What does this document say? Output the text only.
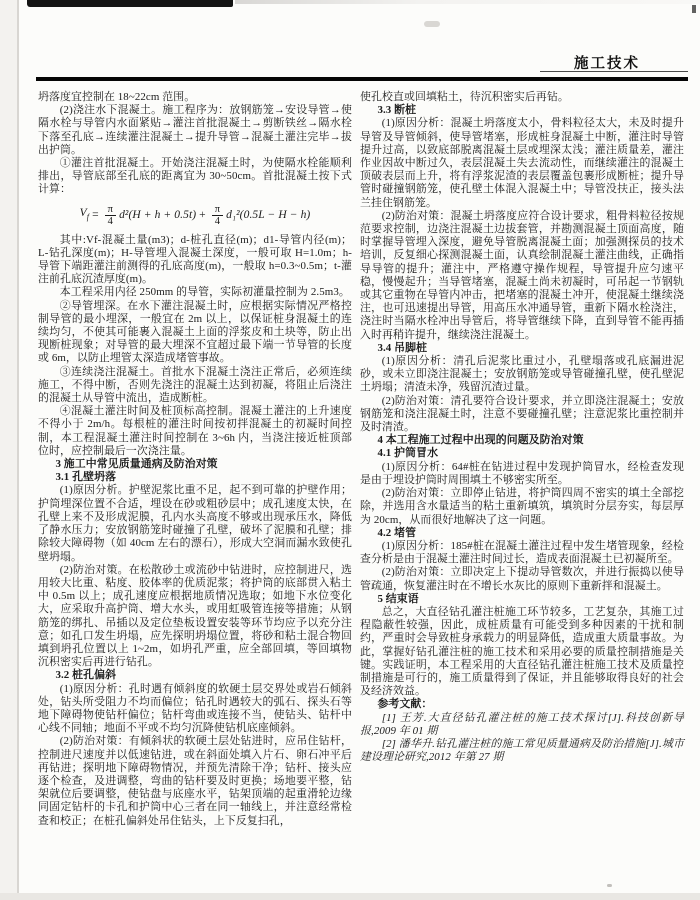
施工技术

坍落度宜控制在 18~22cm 范围。

(2)浇注水下混凝土。施工程序为：放钢筋笼→安设导管→使隔水栓与导管内水面紧贴→灌注首批混凝土→剪断铁丝→隔水栓下落至孔底→连续灌注混凝土→提升导管→混凝土灌注完毕→拔出护筒。

①灌注首批混凝土。开始浇注混凝土时，为使隔水栓能顺利排出，导管底部至孔底的距离宜为 30~50cm。首批混凝土按下式计算：

$V_f = \frac{\pi}{4} d^2(H + h + 0.5t) + \frac{\pi}{4} d_1^2(0.5L - H - h)$

其中:Vf-混凝土量(m3)；d-桩孔直径(m)；d1-导管内径(m)；L-钻孔深度(m)；H-导管埋入混凝土深度，一般可取 H=1.0m；h-导管下端距灌注前测得的孔底高度(m)，一般取 h=0.3~0.5m；t-灌注前孔底沉渣厚度(m)。

本工程采用内径 250mm 的导管，实际初灌量控制为 2.5m3。

②导管埋深。在水下灌注混凝土时，应根据实际情况严格控制导管的最小埋深，一般宜在 2m 以上，以保证桩身混凝土的连续均匀，不使其可能裹入混凝土上面的浮浆皮和土块等，防止出现断桩现象；对导管的最大埋深不宜超过最下端一节导管的长度或 6m，以防止埋管太深造成堵管事故。

③连续浇注混凝土。首批水下混凝土浇注正常后，必须连续施工，不得中断，否则先浇注的混凝土达到初凝，将阻止后浇注的混凝土从导管中流出，造成断桩。

④混凝土灌注时间及桩顶标高控制。混凝土灌注的上升速度不得小于 2m/h。每根桩的灌注时间按初拌混凝土的初凝时间控制，本工程混凝土灌注时间控制在 3~6h 内，当浇注接近桩顶部位时，应控制最后一次浇注量。

3 施工中常见质量通病及防治对策

3.1 孔壁坍落

(1)原因分析。护壁泥浆比重不足，起不到可靠的护壁作用；护筒埋深位置不合适，埋设在砂或粗砂层中；成孔速度太快，在孔壁上来不及形成泥膜，孔内水头高度不够或出现承压水，降低了静水压力；安放钢筋笼时碰撞了孔壁，破坏了泥膜和孔壁；排除较大障碍物（如 40cm 左右的漂石），形成大空洞而漏水致使孔壁坍塌。

(2)防治对策。在松散砂土或流砂中钻进时，应控制进尺，选用较大比重、粘度、胶体率的优质泥浆；将护筒的底部贯入粘土中 0.5m 以上；成孔速度应根据地质情况选取；如地下水位变化大，应采取升高护筒、增大水头，或用虹吸管连接等措施；从钢筋笼的绑扎、吊插以及定位垫板设置安装等环节均应予以充分注意；如孔口发生坍塌，应先探明坍塌位置，将砂和粘土混合物回填到坍孔位置以上 1~2m，如坍孔严重，应全部回填，等回填物沉积密实后再进行钻孔。

3.2 桩孔偏斜

(1)原因分析：孔时遇有倾斜度的软硬土层交界处或岩石倾斜处，钻头所受阻力不均而偏位；钻孔时遇较大的弧石、探头石等地下障碍物使钻杆偏位；钻杆弯曲或连接不当，使钻头、钻杆中心线不同轴；地面不平或不均匀沉降使钻机底座倾斜。

(2)防治对策：有倾斜状的软硬土层处钻进时，应吊住钻杆，控制进尺速度并以低速钻进，或在斜面处填入片石、卵石冲平后再钻进；探明地下障碍物情况，并预先清除干净；钻杆、接头应逐个检查，及进调整，弯曲的钻杆要及时更换；场地要平整，钻架就位后要调整，使钻盘与底座水平，钻架顶端的起重滑轮边缘同固定钻杆的卡孔和护筒中心三者在同一轴线上，并注意经常检查和校正；在桩孔偏斜处吊住钻头，上下反复扫孔，

使孔校直或回填粘土，待沉积密实后再钻。

3.3 断桩

(1)原因分析：混凝土坍落度太小，骨料粒径太大，未及时提升导管及导管倾斜，使导管堵塞，形成桩身混凝土中断，灌注时导管提升过高，以致底部脱离混凝土层或埋深太浅；灌注质量差，灌注作业因故中断过久，表层混凝土失去流动性，而继续灌注的混凝土顶破表层而上升，将有浮浆泥渣的表层覆盖包裹形成断桩；提升导管时碰撞钢筋笼，使孔壁土体混入混凝土中；导管没扶正，接头法兰挂住钢筋笼。

(2)防治对策：混凝土坍落度应符合设计要求，粗骨料粒径按规范要求控制，边浇注混凝土边拔套管，并勘测混凝土顶面高度，随时掌握导管埋入深度，避免导管脱离混凝土面；加强测探员的技术培训，反复细心探测混凝土面，认真绘制混凝土灌注曲线，正确指导导管的提升；灌注中，严格遵守操作规程，导管提升应匀速平稳，慢慢起升；当导管堵塞，混凝土尚未初凝时，可吊起一节钢轨或其它重物在导管内冲击，把堵塞的混凝土冲开，使混凝土继续浇注，也可迅速提出导管，用高压水冲通导管，重新下隔水栓浇注，浇注时当隔水栓冲出导管后，将导管继续下降，直到导管不能再插入时再稍许提升，继续浇注混凝土。

3.4 吊脚桩

(1)原因分析：清孔后泥浆比重过小，孔壁塌落或孔底漏进泥砂，或未立即浇注混凝土；安放钢筋笼或导管碰撞孔壁，使孔壁泥土坍塌；清渣未净，残留沉渣过量。

(2)防治对策：清孔要符合设计要求，并立即浇注混凝土；安放钢筋笼和浇注混凝土时，注意不要碰撞孔壁；注意泥浆比重控制并及时清渣。

4 本工程施工过程中出现的问题及防治对策

4.1 护筒冒水

(1)原因分析：64#桩在钻进过程中发现护筒冒水，经检查发现是由于埋设护筒时周围填土不够密实所至。

(2)防治对策：立即停止钻进，将护筒四周不密实的填土全部挖除，并选用含水量适当的粘土重新填筑，填筑时分层夯实，每层厚为 20cm，从而很好地解决了这一问题。

4.2 堵管

(1)原因分析：185#桩在混凝土灌注过程中发生堵管现象，经检查分析是由于混凝土灌注时间过长，造成表面混凝土已初凝所至。

(2)防治对策：立即决定上下提动导管数次，并进行振捣以使导管疏通，恢复灌注时在不增长水灰比的原则下重新拌和混凝土。

5 结束语

总之，大直径钻孔灌注桩施工环节较多，工艺复杂，其施工过程隐蔽性较强，因此，成桩质量有可能受到多种因素的干扰和制约，严重时会导致桩身承载力的明显降低，造成重大质量事故。为此，掌握好钻孔灌注桩的施工技术和采用必要的质量控制措施是关键。实践证明，本工程采用的大直径钻孔灌注桩施工技术及质量控制措施是可行的，施工质量得到了保证，并且能够取得良好的社会及经济效益。

参考文献：

[1] 王芳.大直径钻孔灌注桩的施工技术探讨[J].科技创新导报,2009 年 01 期

[2] 潘华升.钻孔灌注桩的施工常见质量通病及防治措施[J].城市建设理论研究,2012 年第 27 期
